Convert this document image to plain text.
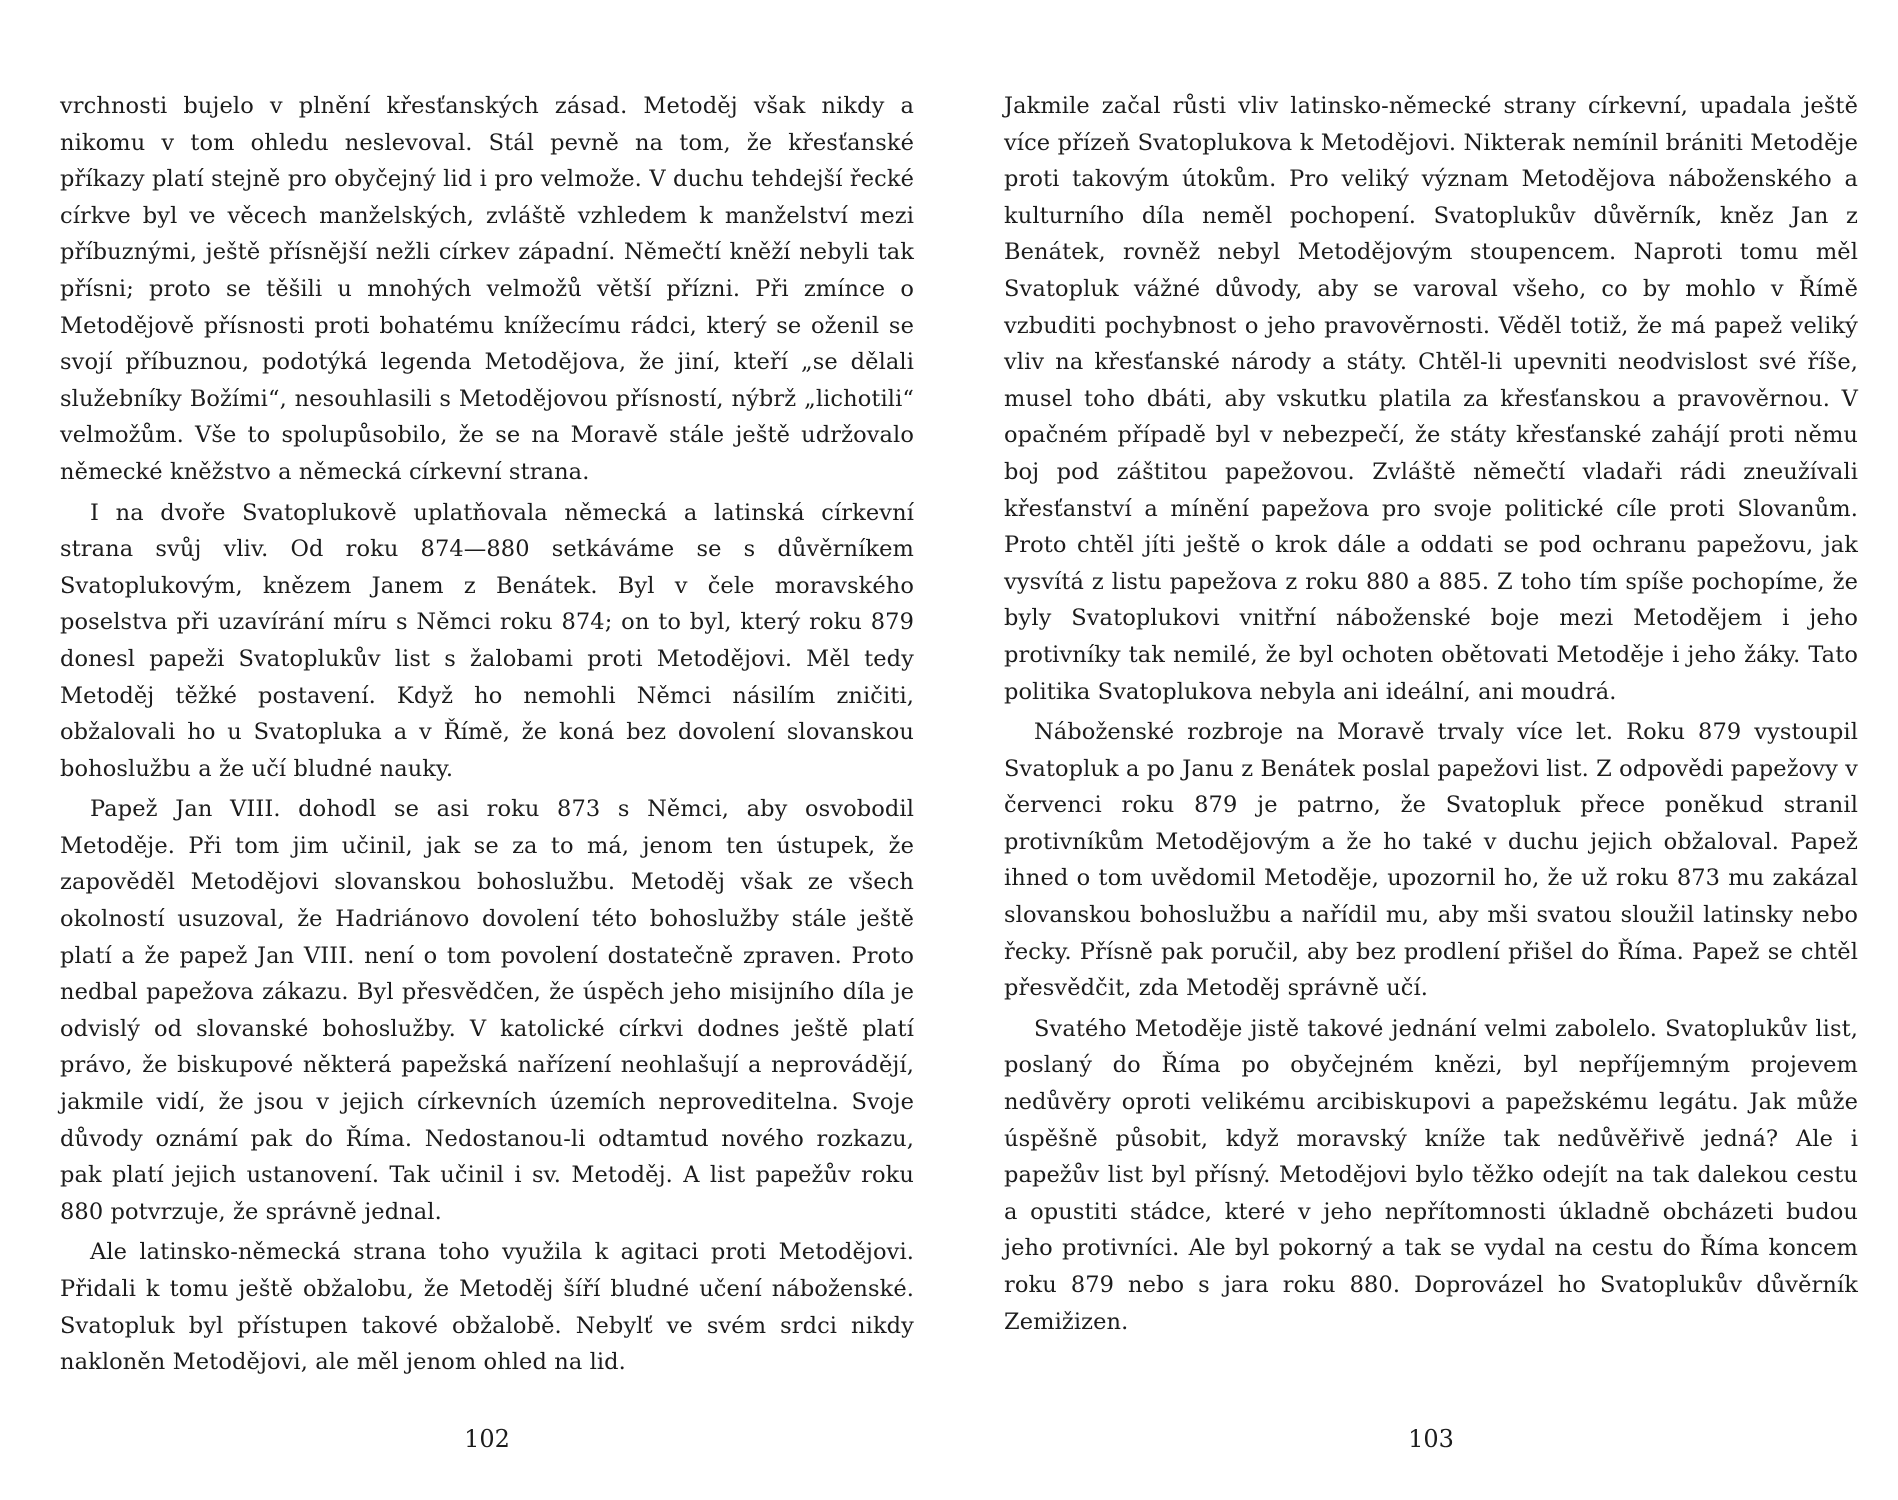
vrchnosti bujelo v plnění křesťanských zásad. Metoděj však nikdy a nikomu v tom ohledu neslevoval. Stál pevně na tom, že křesťanské příkazy platí stejně pro obyčejný lid i pro velmože. V duchu tehdejší řecké církve byl ve věcech manželských, zvláště vzhledem k manželství mezi příbuznými, ještě přísnější nežli církev západní. Němečtí kněží nebyli tak přísni; proto se těšili u mnohých velmožů větší přízni. Při zmínce o Metodějově přísnosti proti bohatému knížecímu rádci, který se oženil se svojí příbuznou, podotýká legenda Metodějova, že jiní, kteří „se dělali služebníky Božími“, nesouhlasili s Metodějovou přísností, nýbrž „lichotili“ velmožům. Vše to spolupůsobilo, že se na Moravě stále ještě udržovalo německé kněžstvo a německá církevní strana.

I na dvoře Svatoplukově uplatňovala německá a latinská církevní strana svůj vliv. Od roku 874—880 setkáváme se s důvěrníkem Svatoplukovým, knězem Janem z Benátek. Byl v čele moravského poselstva při uzavírání míru s Němci roku 874; on to byl, který roku 879 donesl papeži Svatoplukův list s žalobami proti Metodějovi. Měl tedy Metoděj těžké postavení. Když ho nemohli Němci násilím zničiti, obžalovali ho u Svatopluka a v Římě, že koná bez dovolení slovanskou bohoslužbu a že učí bludné nauky.

Papež Jan VIII. dohodl se asi roku 873 s Němci, aby osvobodil Metoděje. Při tom jim učinil, jak se za to má, jenom ten ústupek, že zapověděl Metodějovi slovanskou bohoslužbu. Metoděj však ze všech okolností usuzoval, že Hadriánovo dovolení této bohoslužby stále ještě platí a že papež Jan VIII. není o tom povolení dostatečně zpraven. Proto nedbal papežova zákazu. Byl přesvědčen, že úspěch jeho misijního díla je odvislý od slovanské bohoslužby. V katolické církvi dodnes ještě platí právo, že biskupové některá papežská nařízení neohlašují a neprovádějí, jakmile vidí, že jsou v jejich církevních územích neproveditelna. Svoje důvody oznámí pak do Říma. Nedostanou-li odtamtud nového rozkazu, pak platí jejich ustanovení. Tak učinil i sv. Metoděj. A list papežův roku 880 potvrzuje, že správně jednal.

Ale latinsko-německá strana toho využila k agitaci proti Metodějovi. Přidali k tomu ještě obžalobu, že Metoděj šíří bludné učení náboženské. Svatopluk byl přístupen takové obžalobě. Nebylť ve svém srdci nikdy nakloněn Metodějovi, ale měl jenom ohled na lid.

102

Jakmile začal růsti vliv latinsko-německé strany církevní, upadala ještě více přízeň Svatoplukova k Metodějovi. Nikterak nemínil brániti Metoděje proti takovým útokům. Pro veliký význam Metodějova náboženského a kulturního díla neměl pochopení. Svatoplukův důvěrník, kněz Jan z Benátek, rovněž nebyl Metodějovým stoupencem. Naproti tomu měl Svatopluk vážné důvody, aby se varoval všeho, co by mohlo v Římě vzbuditi pochybnost o jeho pravověrnosti. Věděl totiž, že má papež veliký vliv na křesťanské národy a státy. Chtěl-li upevniti neodvislost své říše, musel toho dbáti, aby vskutku platila za křesťanskou a pravověrnou. V opačném případě byl v nebezpečí, že státy křesťanské zahájí proti němu boj pod záštitou papežovou. Zvláště němečtí vladaři rádi zneužívali křesťanství a mínění papežova pro svoje politické cíle proti Slovanům. Proto chtěl jíti ještě o krok dále a oddati se pod ochranu papežovu, jak vysvítá z listu papežova z roku 880 a 885. Z toho tím spíše pochopíme, že byly Svatoplukovi vnitřní náboženské boje mezi Metodějem i jeho protivníky tak nemilé, že byl ochoten obětovati Metoděje i jeho žáky. Tato politika Svatoplukova nebyla ani ideální, ani moudrá.

Náboženské rozbroje na Moravě trvaly více let. Roku 879 vystoupil Svatopluk a po Janu z Benátek poslal papežovi list. Z odpovědi papežovy v červenci roku 879 je patrno, že Svatopluk přece poněkud stranil protivníkům Metodějovým a že ho také v duchu jejich obžaloval. Papež ihned o tom uvědomil Metoděje, upozornil ho, že už roku 873 mu zakázal slovanskou bohoslužbu a nařídil mu, aby mši svatou sloužil latinsky nebo řecky. Přísně pak poručil, aby bez prodlení přišel do Říma. Papež se chtěl přesvědčit, zda Metoděj správně učí.

Svatého Metoděje jistě takové jednání velmi zabolelo. Svatoplukův list, poslaný do Říma po obyčejném knězi, byl nepříjemným projevem nedůvěry oproti velikému arcibiskupovi a papežskému legátu. Jak může úspěšně působit, když moravský kníže tak nedůvěřivě jedná? Ale i papežův list byl přísný. Metodějovi bylo těžko odejít na tak dalekou cestu a opustiti stádce, které v jeho nepřítomnosti úkladně obcházeti budou jeho protivníci. Ale byl pokorný a tak se vydal na cestu do Říma koncem roku 879 nebo s jara roku 880. Doprovázel ho Svatoplukův důvěrník Zemižizen.

103
